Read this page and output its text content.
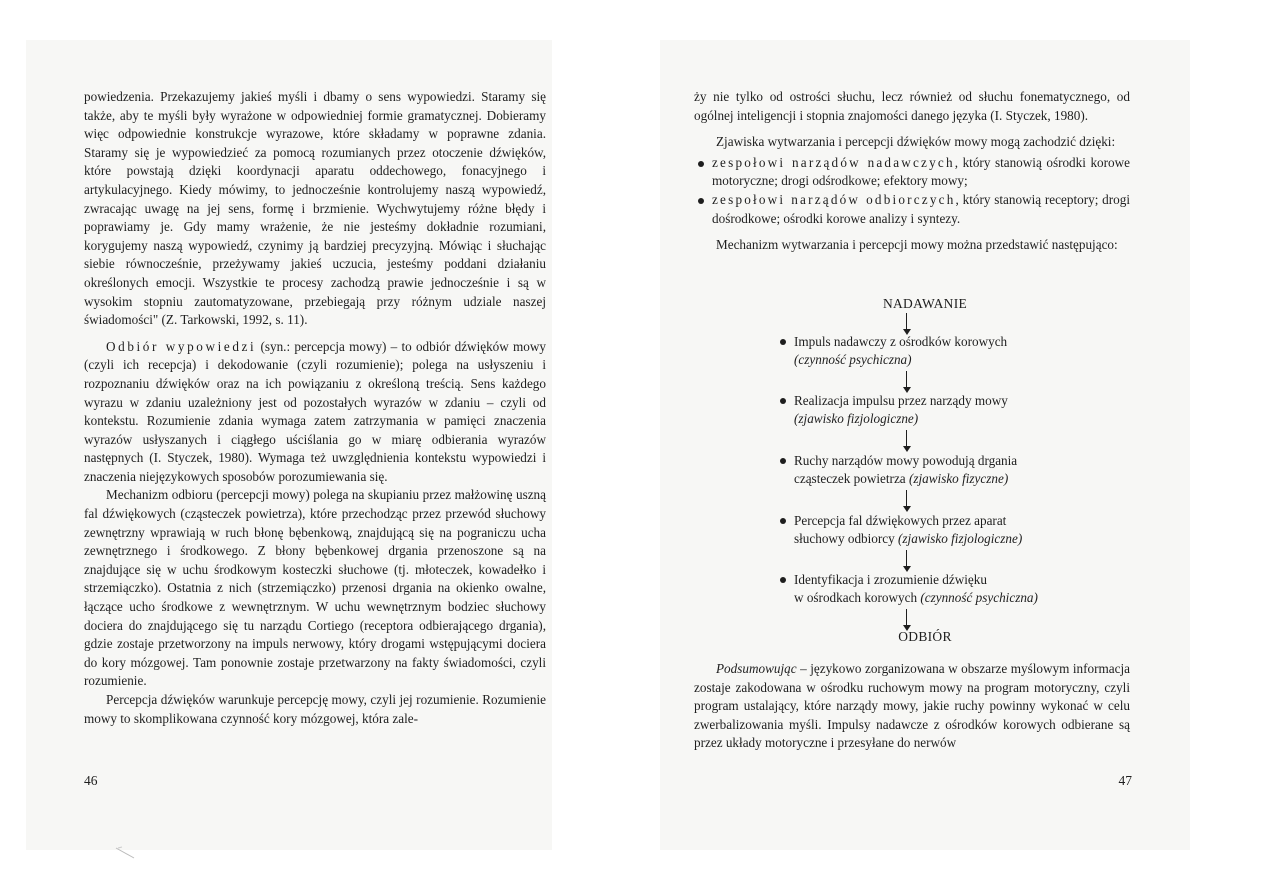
powiedzenia. Przekazujemy jakieś myśli i dbamy o sens wypowiedzi. Staramy się także, aby te myśli były wyrażone w odpowiedniej formie gramatycznej. Dobieramy więc odpowiednie konstrukcje wyrazowe, które składamy w poprawne zdania. Staramy się je wypowiedzieć za pomocą rozumianych przez otoczenie dźwięków, które powstają dzięki koordynacji aparatu oddechowego, fonacyjnego i artykulacyjnego. Kiedy mówimy, to jednocześnie kontrolujemy naszą wypowiedź, zwracając uwagę na jej sens, formę i brzmienie. Wychwytujemy różne błędy i poprawiamy je. Gdy mamy wrażenie, że nie jesteśmy dokładnie rozumiani, korygujemy naszą wypowiedź, czynimy ją bardziej precyzyjną. Mówiąc i słuchając siebie równocześnie, przeżywamy jakieś uczucia, jesteśmy poddani działaniu określonych emocji. Wszystkie te procesy zachodzą prawie jednocześnie i są w wysokim stopniu zautomatyzowane, przebiegają przy różnym udziale naszej świadomości" (Z. Tarkowski, 1992, s. 11).

Odbiór wypowiedzi (syn.: percepcja mowy) – to odbiór dźwięków mowy (czyli ich recepcja) i dekodowanie (czyli rozumienie); polega na usłyszeniu i rozpoznaniu dźwięków oraz na ich powiązaniu z określoną treścią. Sens każdego wyrazu w zdaniu uzależniony jest od pozostałych wyrazów w zdaniu – czyli od kontekstu. Rozumienie zdania wymaga zatem zatrzymania w pamięci znaczenia wyrazów usłyszanych i ciągłego uściślania go w miarę odbierania wyrazów następnych (I. Styczek, 1980). Wymaga też uwzględnienia kontekstu wypowiedzi i znaczenia niejęzykowych sposobów porozumiewania się.

Mechanizm odbioru (percepcji mowy) polega na skupianiu przez małżowinę uszną fal dźwiękowych (cząsteczek powietrza), które przechodząc przez przewód słuchowy zewnętrzny wprawiają w ruch błonę bębenkową, znajdującą się na pograniczu ucha zewnętrznego i środkowego. Z błony bębenkowej drgania przenoszone są na znajdujące się w uchu środkowym kosteczki słuchowe (tj. młoteczek, kowadełko i strzemiączko). Ostatnia z nich (strzemiączko) przenosi drgania na okienko owalne, łączące ucho środkowe z wewnętrznym. W uchu wewnętrznym bodziec słuchowy dociera do znajdującego się tu narządu Cortiego (receptora odbierającego drgania), gdzie zostaje przetworzony na impuls nerwowy, który drogami wstępującymi dociera do kory mózgowej. Tam ponownie zostaje przetwarzony na fakty świadomości, czyli rozumienie.

Percepcja dźwięków warunkuje percepcję mowy, czyli jej rozumienie. Rozumienie mowy to skomplikowana czynność kory mózgowej, która zale-

46

ży nie tylko od ostrości słuchu, lecz również od słuchu fonematycznego, od ogólnej inteligencji i stopnia znajomości danego języka (I. Styczek, 1980).

Zjawiska wytwarzania i percepcji dźwięków mowy mogą zachodzić dzięki:

zespołowi narządów nadawczych, który stanowią ośrodki korowe motoryczne; drogi odśrodkowe; efektory mowy;
zespołowi narządów odbiorczych, który stanowią receptory; drogi dośrodkowe; ośrodki korowe analizy i syntezy.

Mechanizm wytwarzania i percepcji mowy można przedstawić następująco:

NADAWANIE
Impuls nadawczy z ośrodków korowych
(czynność psychiczna)
Realizacja impulsu przez narządy mowy
(zjawisko fizjologiczne)
Ruchy narządów mowy powodują drgania
cząsteczek powietrza (zjawisko fizyczne)
Percepcja fal dźwiękowych przez aparat
słuchowy odbiorcy (zjawisko fizjologiczne)
Identyfikacja i zrozumienie dźwięku
w ośrodkach korowych (czynność psychiczna)
ODBIÓR

Podsumowując – językowo zorganizowana w obszarze myślowym informacja zostaje zakodowana w ośrodku ruchowym mowy na program motoryczny, czyli program ustalający, które narządy mowy, jakie ruchy powinny wykonać w celu zwerbalizowania myśli. Impulsy nadawcze z ośrodków korowych odbierane są przez układy motoryczne i przesyłane do nerwów

47
